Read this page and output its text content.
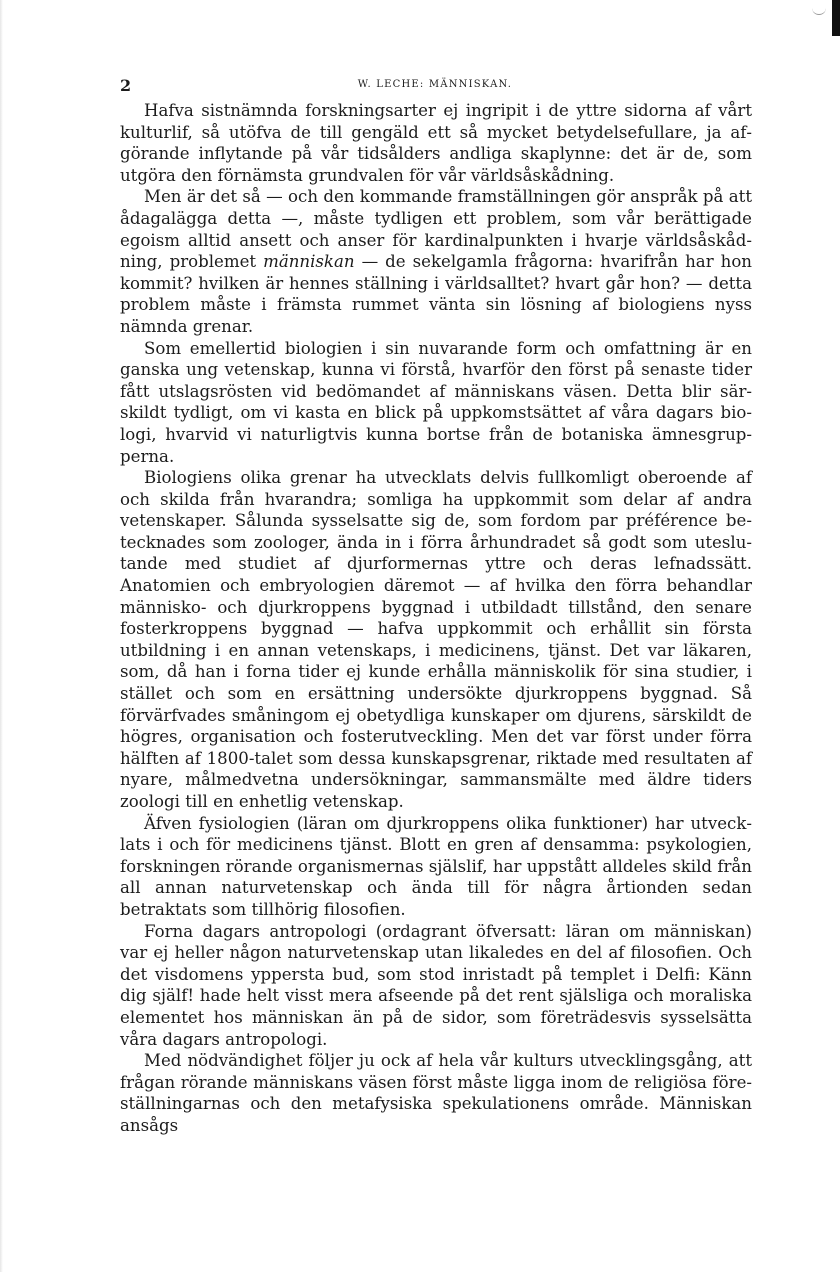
2	W. LECHE: MÄNNISKAN.

Hafva sistnämnda forskningsarter ej ingripit i de yttre sidorna af vårt kulturlif, så utöfva de till gengäld ett så mycket betydelsefullare, ja afgörande inflytande på vår tidsålders andliga skaplynne: det är de, som utgöra den förnämsta grundvalen för vår världsåskådning.

Men är det så — och den kommande framställningen gör anspråk på att ådagalägga detta —, måste tydligen ett problem, som vår berättigade egoism alltid ansett och anser för kardinalpunkten i hvarje världsåskådning, problemet människan — de sekelgamla frågorna: hvarifrån har hon kommit? hvilken är hennes ställning i världsalltet? hvart går hon? — detta problem måste i främsta rummet vänta sin lösning af biologiens nyss nämnda grenar.

Som emellertid biologien i sin nuvarande form och omfattning är en ganska ung vetenskap, kunna vi förstå, hvarför den först på senaste tider fått utslagsrösten vid bedömandet af människans väsen. Detta blir särskildt tydligt, om vi kasta en blick på uppkomstsättet af våra dagars biologi, hvarvid vi naturligtvis kunna bortse från de botaniska ämnesgrupperna.

Biologiens olika grenar ha utvecklats delvis fullkomligt oberoende af och skilda från hvarandra; somliga ha uppkommit som delar af andra vetenskaper. Sålunda sysselsatte sig de, som fordom par préférence betecknades som zoologer, ända in i förra århundradet så godt som uteslutande med studiet af djurformernas yttre och deras lefnadssätt. Anatomien och embryologien däremot — af hvilka den förra behandlar människo- och djurkroppens byggnad i utbildadt tillstånd, den senare fosterkroppens byggnad — hafva uppkommit och erhållit sin första utbildning i en annan vetenskaps, i medicinens, tjänst. Det var läkaren, som, då han i forna tider ej kunde erhålla människolik för sina studier, i stället och som en ersättning undersökte djurkroppens byggnad. Så förvärfvades småningom ej obetydliga kunskaper om djurens, särskildt de högres, organisation och fosterutveckling. Men det var först under förra hälften af 1800-talet som dessa kunskapsgrenar, riktade med resultaten af nyare, målmedvetna undersökningar, sammansmälte med äldre tiders zoologi till en enhetlig vetenskap.

Äfven fysiologien (läran om djurkroppens olika funktioner) har utvecklats i och för medicinens tjänst. Blott en gren af densamma: psykologien, forskningen rörande organismernas själslif, har uppstått alldeles skild från all annan naturvetenskap och ända till för några årtionden sedan betraktats som tillhörig filosofien.

Forna dagars antropologi (ordagrant öfversatt: läran om människan) var ej heller någon naturvetenskap utan likaledes en del af filosofien. Och det visdomens yppersta bud, som stod inristadt på templet i Delfi: Känn dig själf! hade helt visst mera afseende på det rent själsliga och moraliska elementet hos människan än på de sidor, som företrädesvis sysselsätta våra dagars antropologi.

Med nödvändighet följer ju ock af hela vår kulturs utvecklingsgång, att frågan rörande människans väsen först måste ligga inom de religiösa föreställningarnas och den metafysiska spekulationens område. Människan ansågs
